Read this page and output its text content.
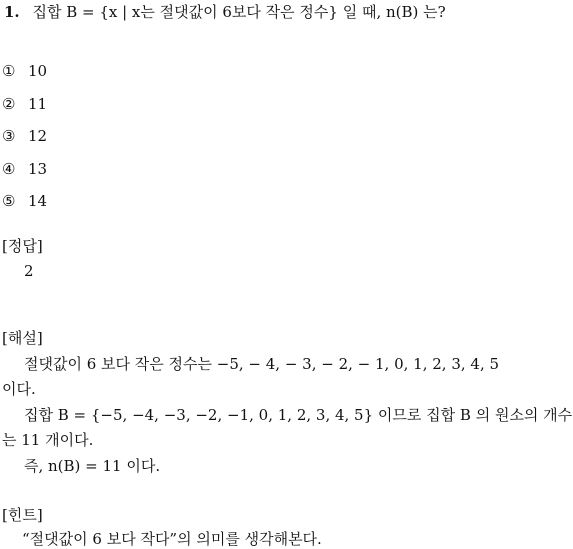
1. 집합 B = {x | x는 절댓값이 6보다 작은 정수} 일 때, n(B) 는?
① 10
② 11
③ 12
④ 13
⑤ 14
[정답]
2
[해설]
절댓값이 6 보다 작은 정수는 −5, − 4, − 3, − 2, − 1, 0, 1, 2, 3, 4, 5
이다.
집합 B = {−5, −4, −3, −2, −1, 0, 1, 2, 3, 4, 5} 이므로 집합 B 의 원소의 개수
는 11 개이다.
즉, n(B) = 11 이다.
[힌트]
“절댓값이 6 보다 작다”의 의미를 생각해본다.
